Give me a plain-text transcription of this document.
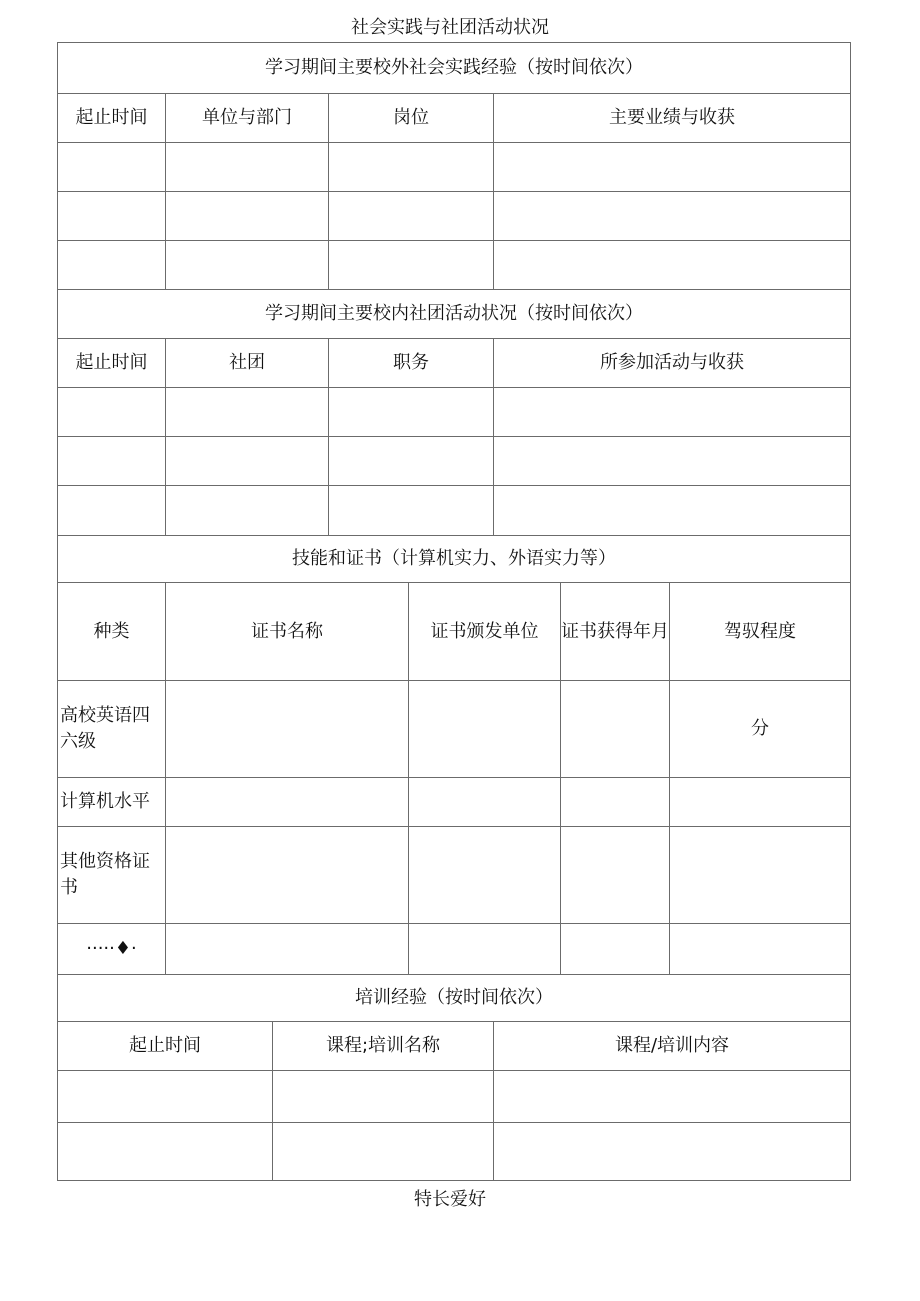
社会实践与社团活动状况
学习期间主要校外社会实践经验（按时间依次）							
起止时间	单位与部门		岗位		主要业绩与收获		

学习期间主要校内社团活动状况（按时间依次）							
起止时间	社团		职务		所参加活动与收获		

技能和证书（计算机实力、外语实力等）							
种类	证书名称			证书颁发单位		证书获得年月	驾驭程度
高校英语四六级							分
计算机水平							
其他资格证书							
·····♦·							
培训经验（按时间依次）							
起止时间		课程;培训名称			课程/培训内容		

特长爱好
